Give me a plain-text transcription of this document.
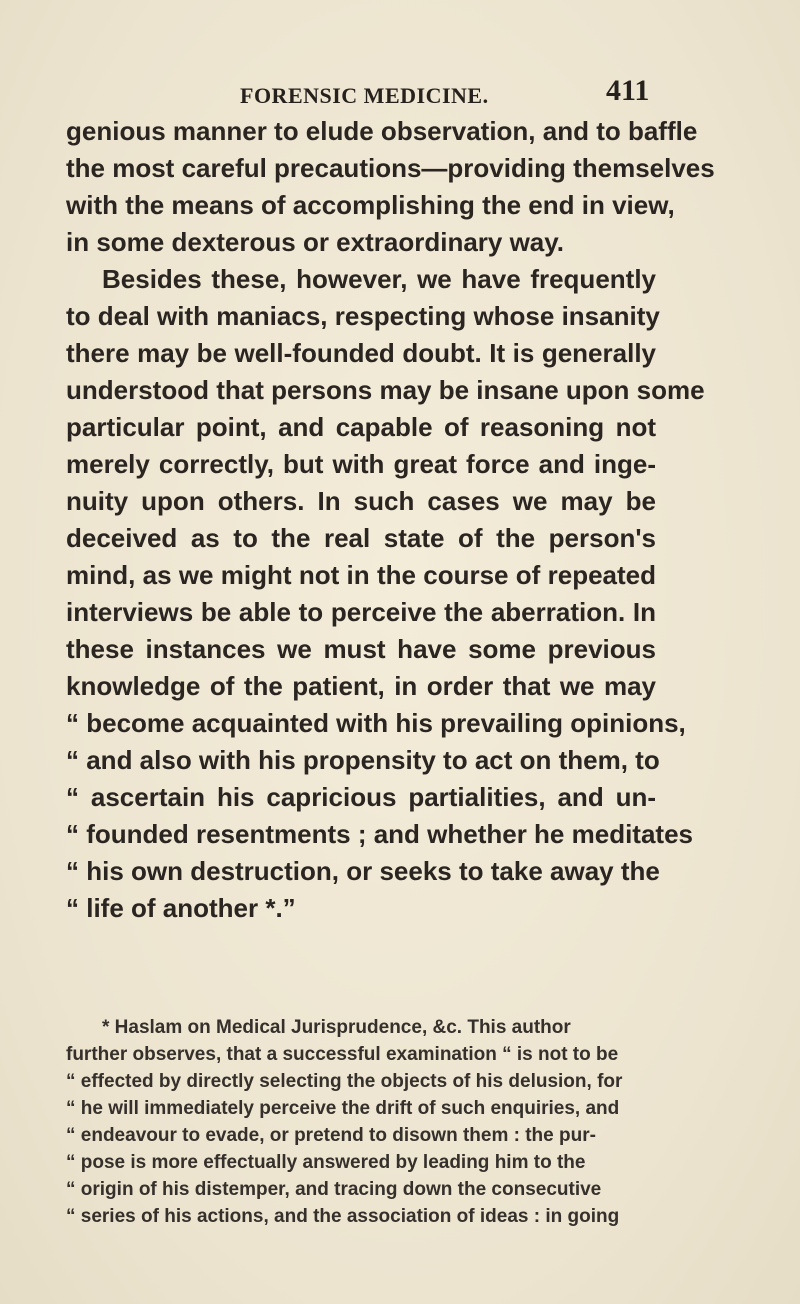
FORENSIC MEDICINE.	411
genious manner to elude observation, and to baffle
the most careful precautions—providing themselves
with the means of accomplishing the end in view,
in some dexterous or extraordinary way.
Besides these, however, we have frequently
to deal with maniacs, respecting whose insanity
there may be well-founded doubt. It is generally
understood that persons may be insane upon some
particular point, and capable of reasoning not
merely correctly, but with great force and inge-
nuity upon others. In such cases we may be
deceived as to the real state of the person's
mind, as we might not in the course of repeated
interviews be able to perceive the aberration. In
these instances we must have some previous
knowledge of the patient, in order that we may
“ become acquainted with his prevailing opinions,
“ and also with his propensity to act on them, to
“ ascertain his capricious partialities, and un-
“ founded resentments ; and whether he meditates
“ his own destruction, or seeks to take away the
“ life of another *.”
* Haslam on Medical Jurisprudence, &c. This author
further observes, that a successful examination “ is not to be
“ effected by directly selecting the objects of his delusion, for
“ he will immediately perceive the drift of such enquiries, and
“ endeavour to evade, or pretend to disown them : the pur-
“ pose is more effectually answered by leading him to the
“ origin of his distemper, and tracing down the consecutive
“ series of his actions, and the association of ideas : in going
